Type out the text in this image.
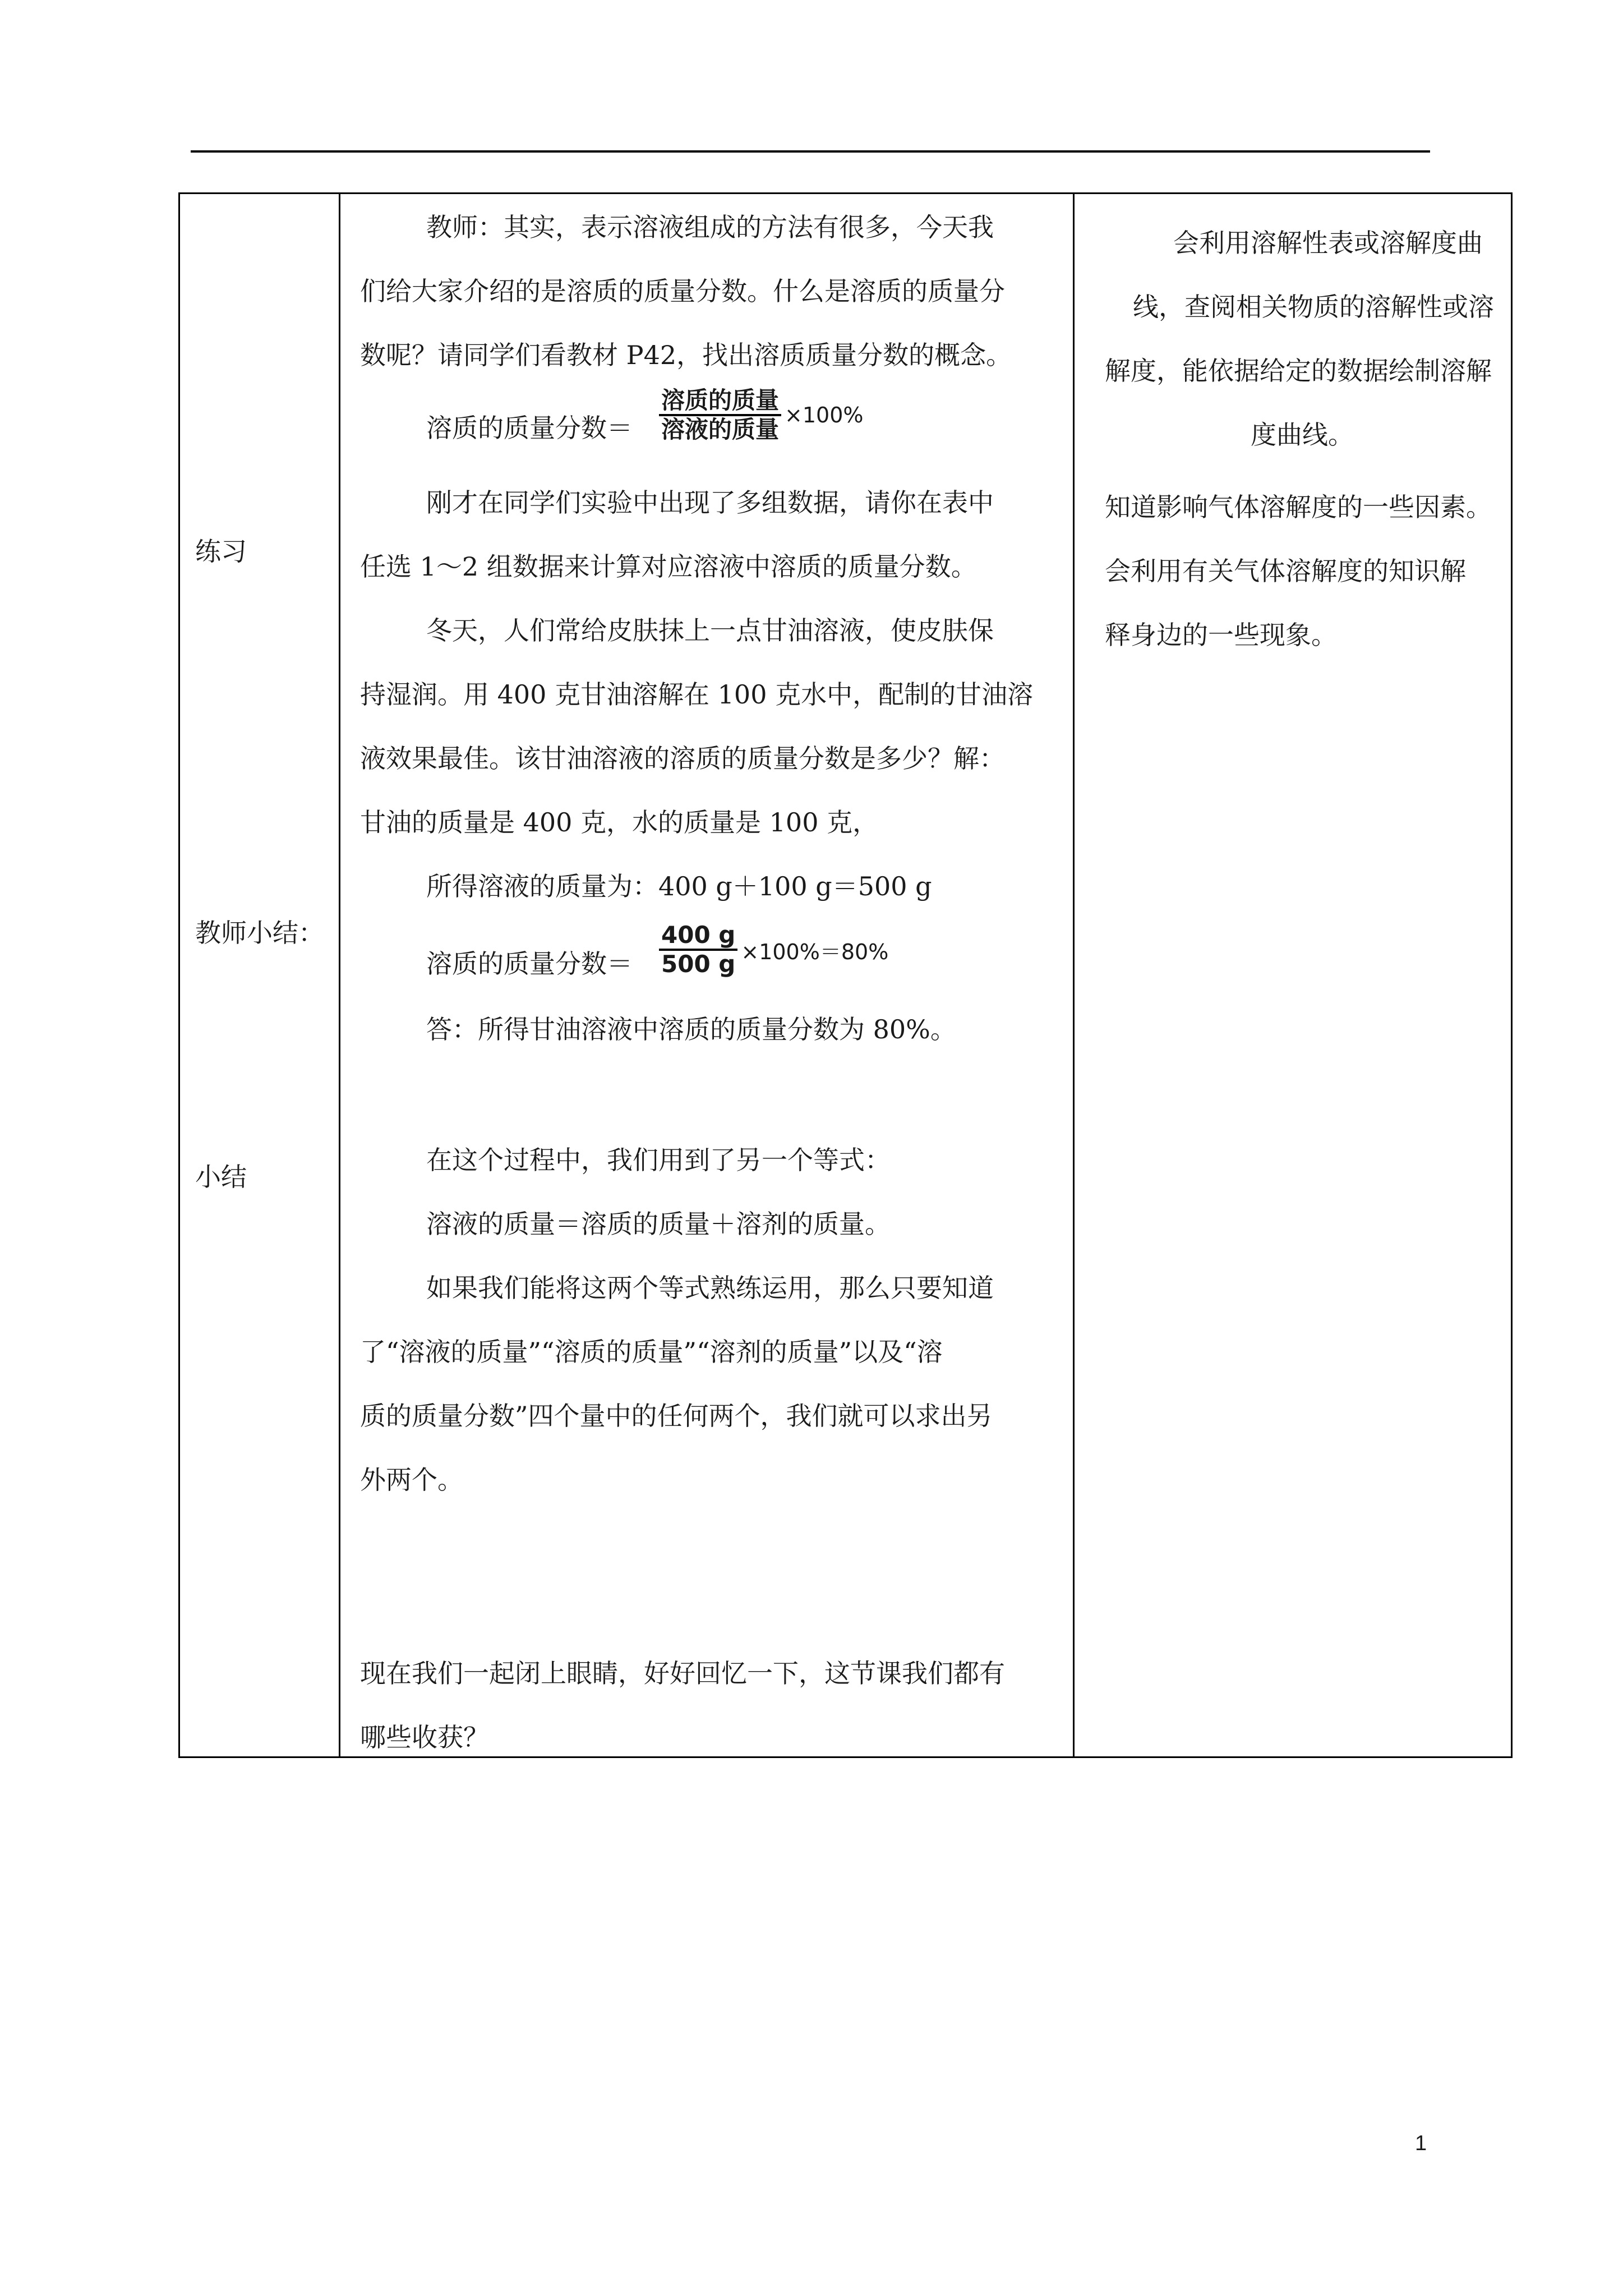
练习
教师小结：
小结
教师：其实，表示溶液组成的方法有很多，今天我
们给大家介绍的是溶质的质量分数。什么是溶质的质量分
数呢？请同学们看教材 P42，找出溶质质量分数的概念。
溶质的质量分数＝ $\frac{\text{溶质的质量}}{\text{溶液的质量}} \times 100\%$
刚才在同学们实验中出现了多组数据，请你在表中
任选 1～2 组数据来计算对应溶液中溶质的质量分数。
冬天，人们常给皮肤抹上一点甘油溶液，使皮肤保
持湿润。用 400 克甘油溶解在 100 克水中，配制的甘油溶
液效果最佳。该甘油溶液的溶质的质量分数是多少？解：
甘油的质量是 400 克，水的质量是 100 克，
所得溶液的质量为：400 g＋100 g＝500 g
溶质的质量分数＝ $\frac{400 g}{500 g} \times 100\%=80\%$
答：所得甘油溶液中溶质的质量分数为 80%。
在这个过程中，我们用到了另一个等式：
溶液的质量＝溶质的质量＋溶剂的质量。
如果我们能将这两个等式熟练运用，那么只要知道
了“溶液的质量”“溶质的质量”“溶剂的质量”以及“溶
质的质量分数”四个量中的任何两个，我们就可以求出另
外两个。
现在我们一起闭上眼睛，好好回忆一下，这节课我们都有
哪些收获？
会利用溶解性表或溶解度曲
线，查阅相关物质的溶解性或溶
解度，能依据给定的数据绘制溶解
度曲线。
知道影响气体溶解度的一些因素。
会利用有关气体溶解度的知识解
释身边的一些现象。
1
